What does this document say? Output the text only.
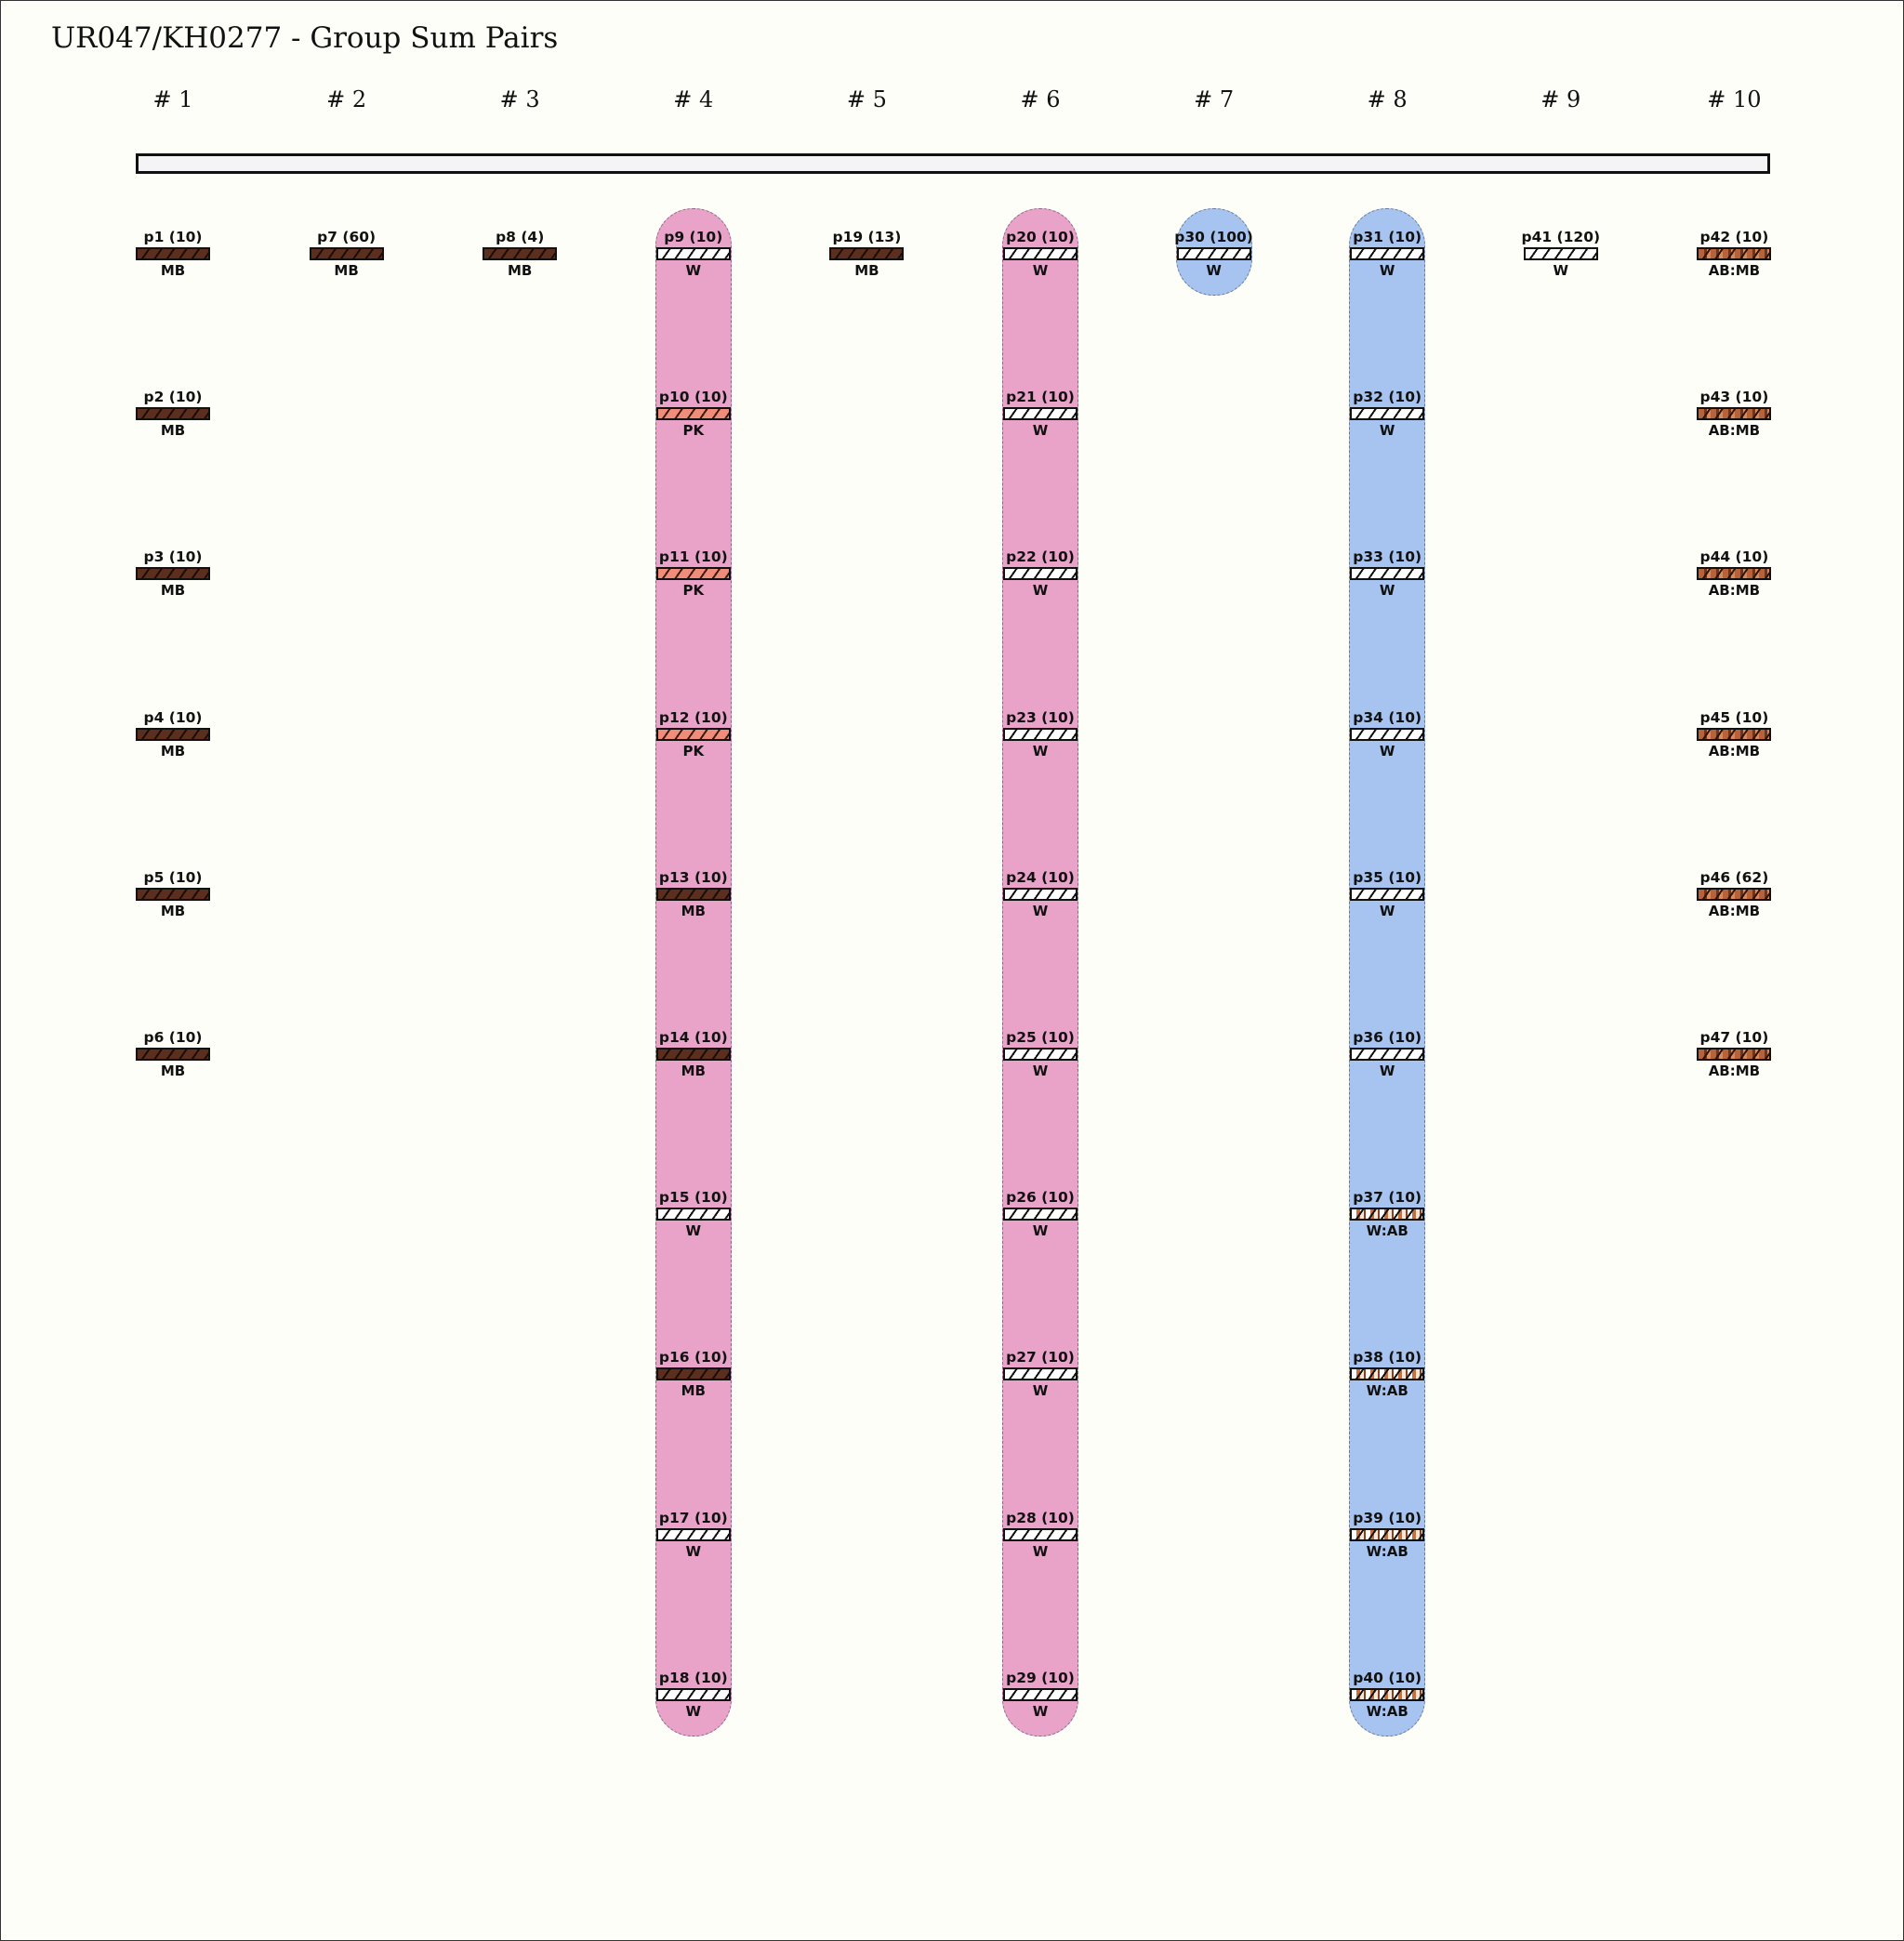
UR047/KH0277 - Group Sum Pairs
# 1	# 2	# 3	# 4	# 5	# 6	# 7	# 8	# 9	# 10
p1 (10)
MB
p2 (10)
MB
p3 (10)
MB
p4 (10)
MB
p5 (10)
MB
p6 (10)
MB
p7 (60)
MB
p8 (4)
MB
p9 (10)
W
p10 (10)
PK
p11 (10)
PK
p12 (10)
PK
p13 (10)
MB
p14 (10)
MB
p15 (10)
W
p16 (10)
MB
p17 (10)
W
p18 (10)
W
p19 (13)
MB
p20 (10)
W
p21 (10)
W
p22 (10)
W
p23 (10)
W
p24 (10)
W
p25 (10)
W
p26 (10)
W
p27 (10)
W
p28 (10)
W
p29 (10)
W
p30 (100)
W
p31 (10)
W
p32 (10)
W
p33 (10)
W
p34 (10)
W
p35 (10)
W
p36 (10)
W
p37 (10)
W:AB
p38 (10)
W:AB
p39 (10)
W:AB
p40 (10)
W:AB
p41 (120)
W
p42 (10)
AB:MB
p43 (10)
AB:MB
p44 (10)
AB:MB
p45 (10)
AB:MB
p46 (62)
AB:MB
p47 (10)
AB:MB
